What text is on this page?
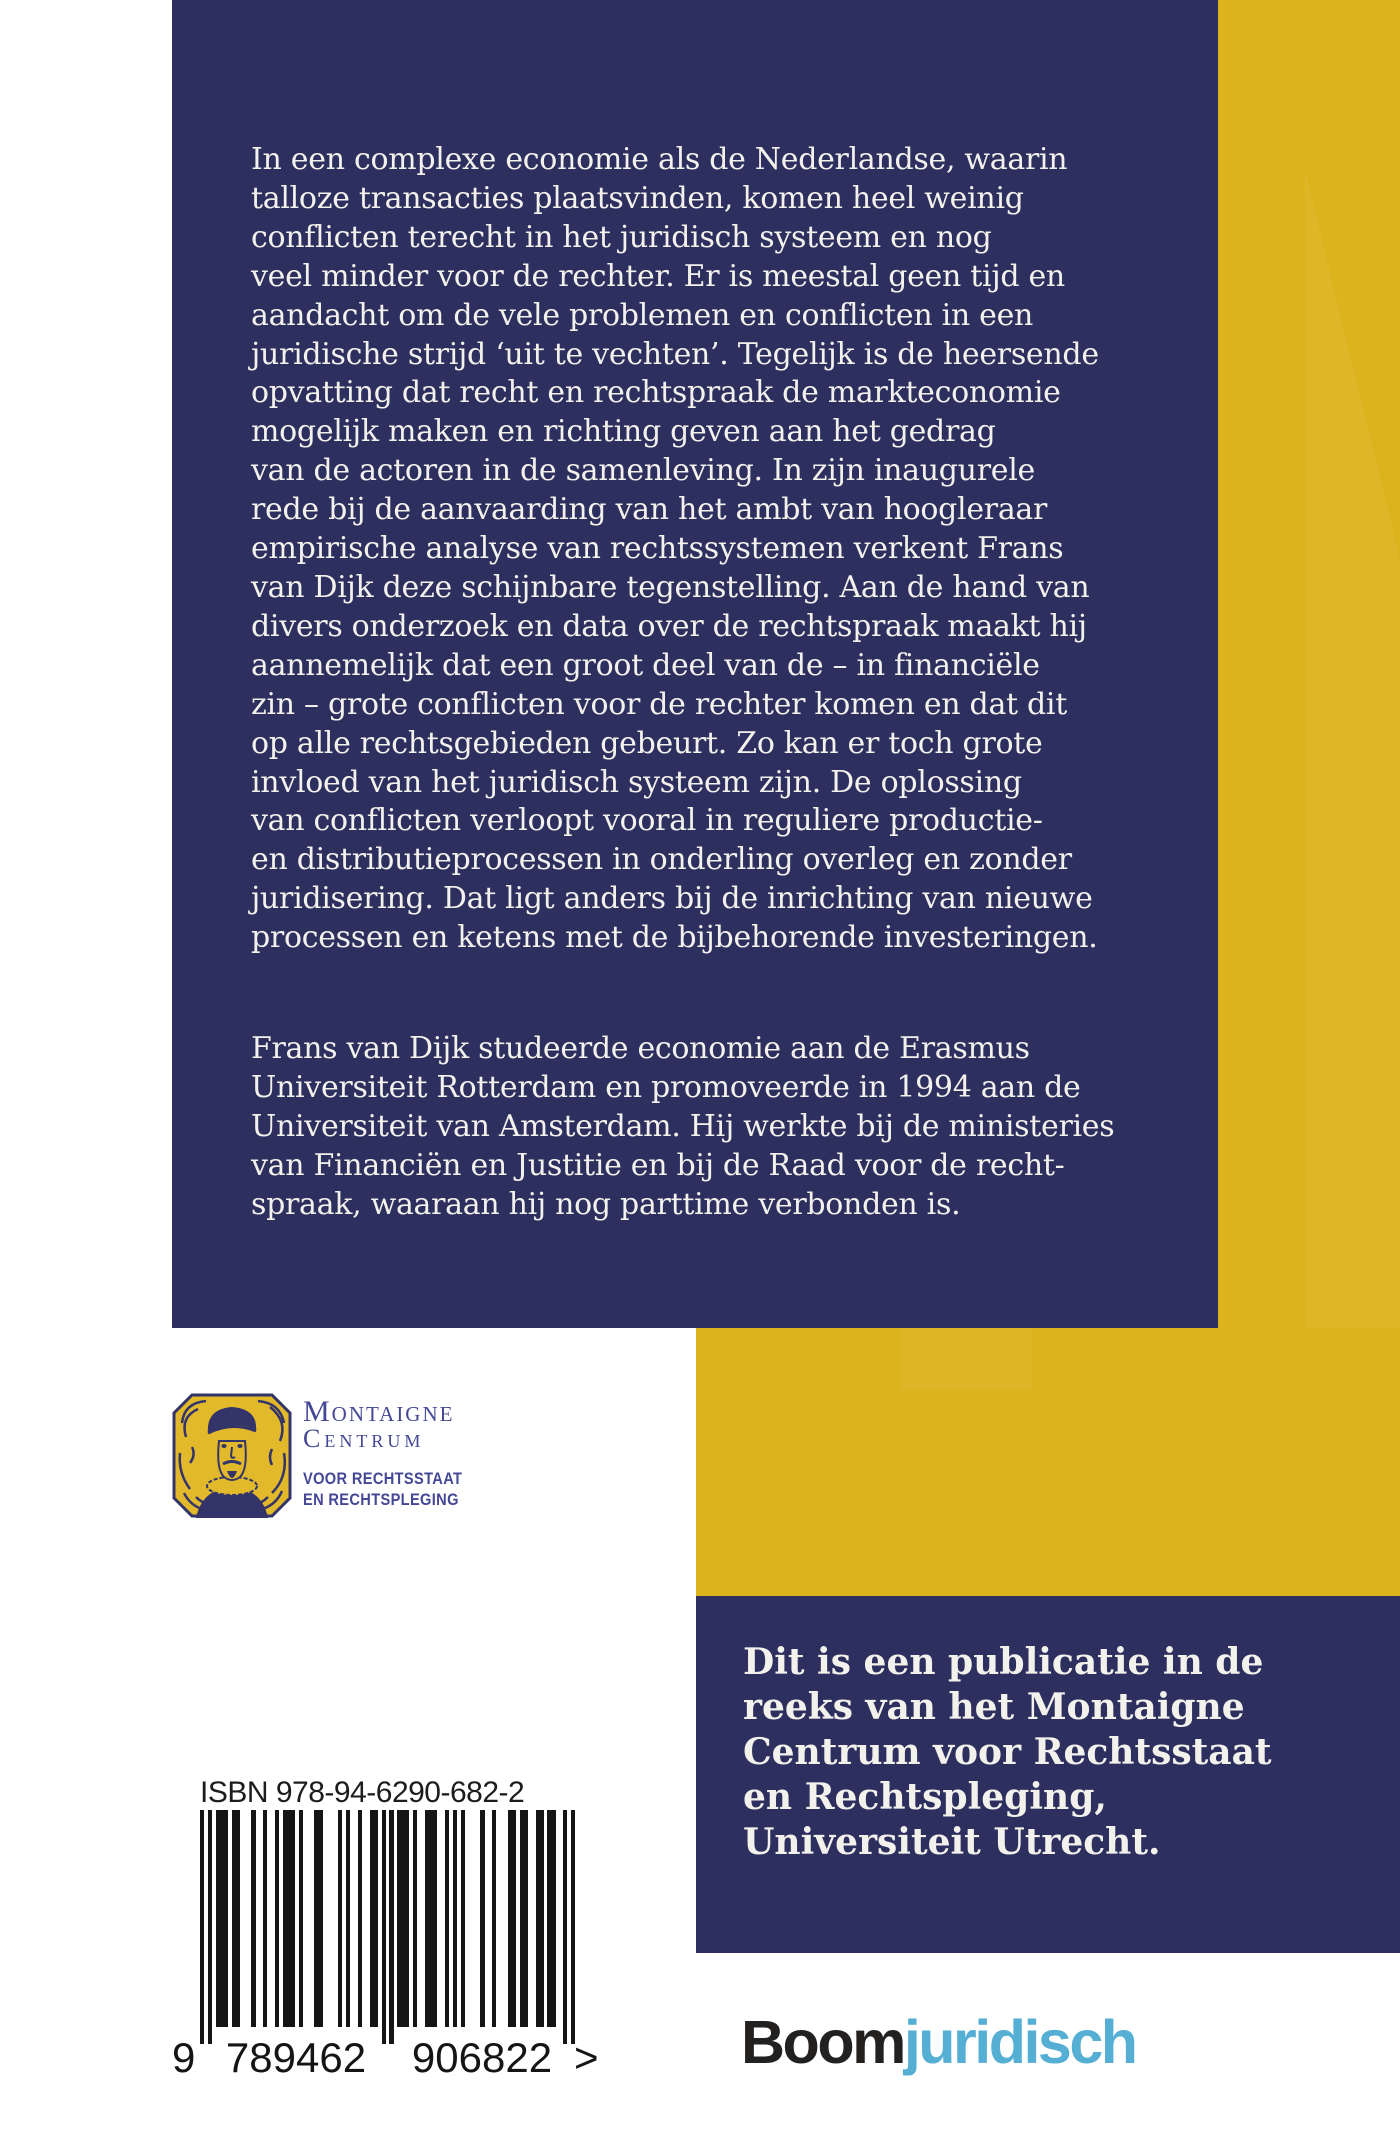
In een complexe economie als de Nederlandse, waarin
talloze transacties plaatsvinden, komen heel weinig
conflicten terecht in het juridisch systeem en nog
veel minder voor de rechter. Er is meestal geen tijd en
aandacht om de vele problemen en conflicten in een
juridische strijd ‘uit te vechten’. Tegelijk is de heersende
opvatting dat recht en rechtspraak de markteconomie
mogelijk maken en richting geven aan het gedrag
van de actoren in de samenleving. In zijn inaugurele
rede bij de aanvaarding van het ambt van hoogleraar
empirische analyse van rechtssystemen verkent Frans
van Dijk deze schijnbare tegenstelling. Aan de hand van
divers onderzoek en data over de rechtspraak maakt hij
aannemelijk dat een groot deel van de – in financiële
zin – grote conflicten voor de rechter komen en dat dit
op alle rechtsgebieden gebeurt. Zo kan er toch grote
invloed van het juridisch systeem zijn. De oplossing
van conflicten verloopt vooral in reguliere productie-
en distributieprocessen in onderling overleg en zonder
juridisering. Dat ligt anders bij de inrichting van nieuwe
processen en ketens met de bijbehorende investeringen.
Frans van Dijk studeerde economie aan de Erasmus
Universiteit Rotterdam en promoveerde in 1994 aan de
Universiteit van Amsterdam. Hij werkte bij de ministeries
van Financiën en Justitie en bij de Raad voor de recht-
spraak, waaraan hij nog parttime verbonden is.
Montaigne
Centrum
VOOR RECHTSSTAAT
EN RECHTSPLEGING
ISBN 978-94-6290-682-2
9 789462	906822 >
Dit is een publicatie in de
reeks van het Montaigne
Centrum voor Rechtsstaat
en Rechtspleging,
Universiteit Utrecht.
Boomjuridisch
